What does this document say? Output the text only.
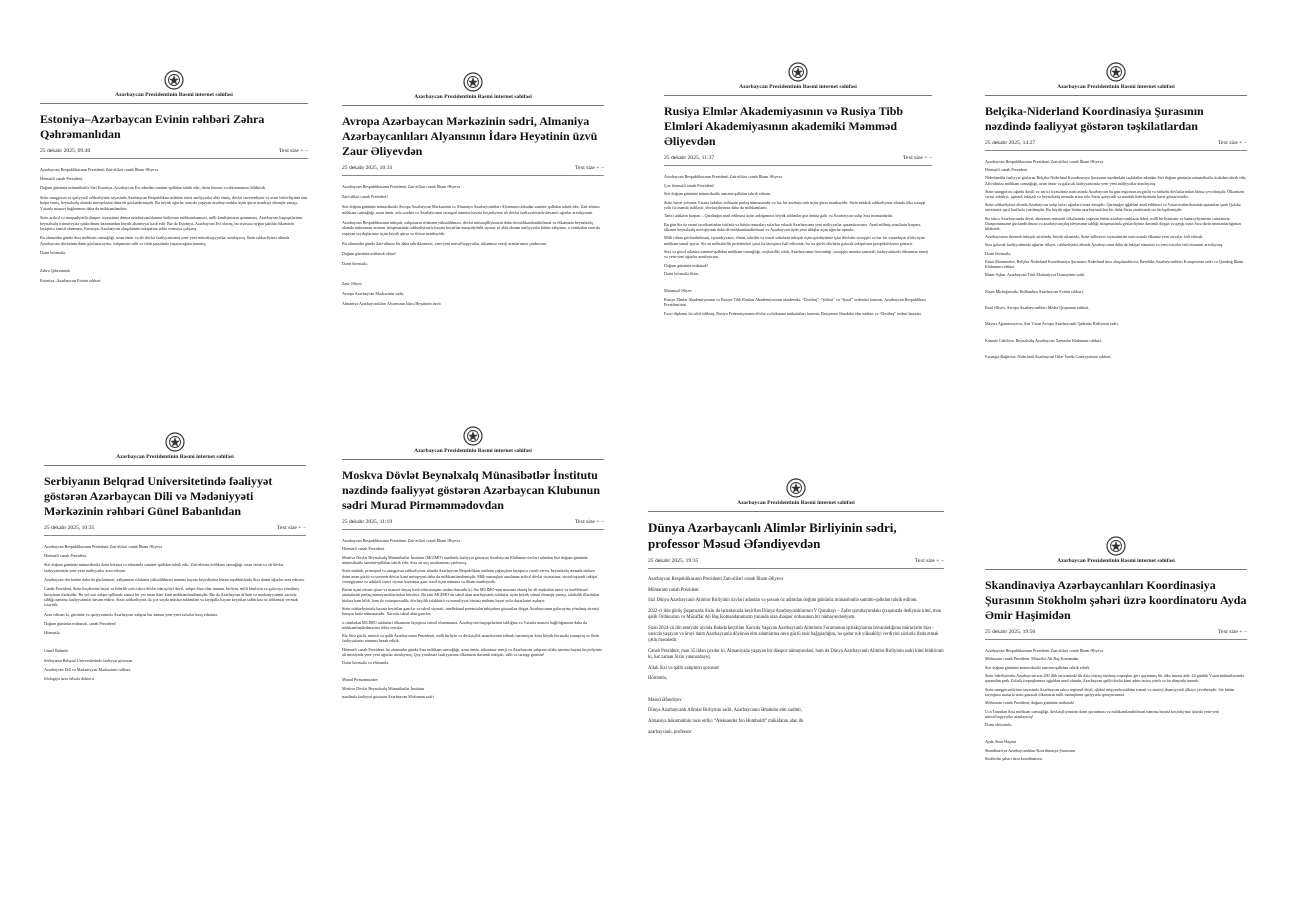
Azərbaycan Prezidentinin Rəsmi internet səhifəsi
Estoniya–Azərbaycan Evinin rəhbəri Zəhra Qəhrəmanlıdan
25 dekabr 2025, 09:40	Text size + −

Azərbaycan Respublikasının Prezidenti Zati-aliləri cənab İlham Əliyevə

Hörmətli cənab Prezident.

Doğum gününüz münasibətilə Sizi Estoniya–Azərbaycan Evi adından səmimi-qəlbdən təbrik edir, dərin hörmət və ehtiramımızı bildiririk.

Sizin uzaqgörən və qətiyyətli rəhbərliyiniz sayəsində Azərbaycan Respublikası mühüm tarixi nailiyyətlər əldə etmiş, dövlət suverenliyini və ərazi bütövlüyünü tam bərpa etmiş, beynəlxalq aləmdə mövqelərini daha da gücləndirmişdir. Bu böyük uğurlar xaricdə yaşayan azərbaycanlılar üçün qürur mənbəyi olmaqla yanaşı, Vətənlə mənəvi bağlarımızı daha da möhkəmləndirir.

Sizin ardıcıl və məqsədyönlü diaspor siyasətiniz dünya azərbaycanlılarının birliyinin möhkəmlənməsi, milli kimliyimizin qorunması, Azərbaycan həqiqətlərinin beynəlxalq ictimaiyyətə çatdırılması baxımından böyük əhəmiyyət kəsb edir. Biz də Estoniya–Azərbaycan Evi olaraq, bu siyasətə uyğun şəkildə ölkəmizin layiqincə təmsil olunması, Estoniya–Azərbaycan əlaqələrinin inkişafına töhfə verməyə çalışırıq.

Bu əlamətdar gündə Sizə möhkəm cansağlığı, uzun ömür və ali dövlət fəaliyyətinizdə yeni-yeni müvəffəqiyyətlər arzulayırıq. Sizin rəhbərliyiniz altında Azərbaycan dövlətinin daim güclənəcəyinə, xalqımızın sülh və rifah şəraitində yaşayacağına inanırıq.

Dərin hörmətlə,

Zəhra Qəhrəmanlı

Estoniya–Azərbaycan Evinin rəhbəri

Azərbaycan Prezidentinin Rəsmi internet səhifəsi
Avropa Azərbaycan Mərkəzinin sədri, Almaniya Azərbaycanlıları Alyansının İdarə Heyətinin üzvü Zaur Əliyevdən
25 dekabr 2025, 10:33	Text size + −

Azərbaycan Respublikasının Prezidenti Zati-aliləri cənab İlham Əliyevə

Zati-aliləri cənab Prezident!

Sizi doğum gününüz münasibətilə Avropa Azərbaycan Mərkəzinin və Almaniya Azərbaycanlıları Alyansının adından səmimi-qəlbdən təbrik edir, Zati-alinizə möhkəm cansağlığı, uzun ömür, ailə səadəti və Azərbaycanın tərəqqisi naminə həyata keçirdiyiniz ali dövlət fəaliyyətinizdə davamlı uğurlar arzulayıram.

Azərbaycan Respublikasının inkişafı, xalqımızın rifahının yüksəldilməsi, dövlət müstəqilliyimizin daha da möhkəmləndirilməsi və ölkəmizin beynəlxalq aləmdə nüfuzunun artması istiqamətində rəhbərliyinizlə həyata keçirilən məqsədyönlü siyasət və əldə olunan nailiyyətlər bütün xalqımız, o cümlədən xaricdə yaşayan soydaşlarımız üçün böyük qürur və iftixar mənbəyidir.

Bu əlamətdar gündə Zati-alinizə bir daha təbriklərimizi, yeni-yeni müvəffəqiyyətlər, tükənməz enerji arzularımızı çatdırıram.

Doğum gününüz mübarək olsun!

Dərin hörmətlə,

Zaur Əliyev

Avropa Azərbaycan Mərkəzinin sədri,

Almaniya Azərbaycanlıları Alyansının İdarə Heyətinin üzvü

Azərbaycan Prezidentinin Rəsmi internet səhifəsi
Rusiya Elmlər Akademiyasının və Rusiya Tibb Elmləri Akademiyasının akademiki Məmməd Əliyevdən
25 dekabr 2025, 11:37	Text size + −

Azərbaycan Respublikasının Prezidenti Zati-aliləri cənab İlham Əliyevə

Çox hörmətli cənab Prezident!

Sizi doğum gününüz münasibətilə səmimi-qəlbdən təbrik edirəm.

Sizin həyat yolunuz Vətənə fədakar xidmətin parlaq nümunəsidir və hər bir azərbaycanlı üçün qürur mənbəyidir. Sizin müdrik rəhbərliyiniz altında ölkə tərəqqi yolu ilə inamla irəliləyir, dövlətçiliyimiz daha da möhkəmlənir.

Tarixi ədalətin bərpası – Qarabağın azad edilməsi üçün ərdoğanınız böyük addımlar göz önünə gəlir və Azərbaycan xalqı Sizə minnətdardır.

Bu gün Siz öz rəsmi təcrübənizdən istifadə və bütün resursları səfərbər edərək Azərbaycana yeni nailiyyətlər qazandırırsınız. Azad edilmiş ərazilərin bərpası, ölkənin beynəlxalq mövqeyinin daha da möhkəmləndirilməsi və Azərbaycan üçün yeni üfüqlər açan uğurlar aparılır.

Milli ruhun gücləndirilməsi, iqtisadiyyatın, elmin, təhsilin və sosial sahələrin inkişafı üçün gördüyünüz işlər dövlətin tərəqqisi və hər bir vətəndaşın rifahı üçün möhkəm təməl qoyur. Siz ən möhtəkirlik problemləri şərəf ilə layiqincə həll edirsiniz, bu isə güclü dövlətin gələcək inkişafının perspektivlərini göstərir.

Sizə və gözəl ailənizə səmimi-qəlbdən möhkəm cansağlığı, xoşbəxtlik, rifah, Azərbaycanın firavanlığı, tərəqqisi naminə səmərəli fəaliyyətinizdə tükənməz enerji və yeni-yeni uğurlar arzulayıram.

Doğum gününüz mübarək!

Dərin hörmətlə Sizin,

Məmməd Əliyev

Rusiya Elmlər Akademiyasının və Rusiya Tibb Elmləri Akademiyasının akademiki, “Dostluq”, “Şöhrət” və “Şərəf” ordenləri laureatı, Azərbaycan Respublikası Prezidentinin

Fəxri diplomu ilə təltif edilmiş, Rusiya Federasiyasının dövlət və hökumət mükafatları laureatı, Rusiyanın Əməkdar elm xadimi və “Dostluq” ordeni laureatı.

Azərbaycan Prezidentinin Rəsmi internet səhifəsi
Belçika-Niderland Koordinasiya Şurasının nəzdində fəaliyyət göstərən təşkilatlardan
25 dekabr 2025, 14:27	Text size + −

Azərbaycan Respublikasının Prezidenti Zati-aliləri cənab İlham Əliyevə

Hörmətli cənab Prezident.

Niderlandda fəaliyyət göstərən Belçika-Niderland Koordinasiya Şurasının nəzdindəki təşkilatlar adından Sizi doğum gününüz münasibətilə ürəkdən təbrik edir, Zati-alinizə möhkəm cansağlığı, uzun ömür və gələcək fəaliyyətinizdə yeni-yeni nailiyyətlər arzulayırıq.

Sizin uzaqgörən, uğurlu daxili və xarici siyasətiniz nəticəsində Azərbaycan bu gün regionun ən güclü və nüfuzlu dövlətlərindən birinə çevrilmişdir. Ölkəmizin siyasi sabitliyi, iqtisadi inkişafı və beynəlxalq arenada artan rolu Sizin qətiyyətli və müdrik liderliyinizin bariz göstəricisidir.

Sizin rəhbərliyiniz altında Azərbaycan xalqı tarixi uğurlara imza atmışdır. Qarabağın işğaldan azad edilməsi və Vətən müharibəsində qazanılan şanlı Qələbə tariximize qızıl hərflərlə yazılmışdır. Bu böyük uğur bütün azərbaycanlıları bir daha Sizin ətrafınızda sıx birləşdirmişdir.

Siz təkcə Azərbaycanda deyil, dünyanın müxtəlif ölkələrində yaşayan bütün azərbaycanlıların lideri, milli birliyimizin və həmrəyliyimizin rəmzisiniz. Diasporumuzun gücləndirilməsi və azərbaycançılıq ideyasının təbliği istiqamətində göstərdiyiniz davamlı diqqət və qayğı üçün Sizə dərin minnətdarlığımızı bildiririk.

Azərbaycanın davamlı inkişafı ətrafında, böyük ailənizdə, Sizin sülhsevər siyasətinizin nəticəsində ölkəmiz yeni zirvələr fəth edəcək.

Sizə gələcək fəaliyyətinizdə uğurlar diləyir, rəhbərliyiniz altında Azərbaycanın daha da inkişaf etməsini və yeni zirvələr fəth etməsini arzulayırıq.

Dərin hörmətlə,

Elnur Məmmədov, Belçika-Niderland Koordinasiya Şurasının Niderland üzrə əlaqələndiricisi, Benilüks Azərbaycanlıları Konqresinin sədri və Qarabağ İlham Klubunun rəhbəri,

İlham Aşkın, Azərbaycan Türk Mədəniyyət Dərnəyinin sədri,

Elxan Mirbağırzadə, Hollandiya Azərbaycan Evinin rəhbəri,

Emil Əliyev, Avropa Azərbaycanlıları Media Qrupunun rəhbəri,

Mayisə Ağamirzəyeva, Ana Vətən Avropa Azərbaycanlı Qadınlar Birliyinin sədri,

Kamalə Cəbilova, Beynəlxalq Azərbaycan Xanımlar Klubunun rəhbəri,

Fərəngiz Bağirova, Niderland Azərbaycan Otlar Yurdu Cəmiyyətinin rəhbəri.

Azərbaycan Prezidentinin Rəsmi internet səhifəsi
Serbiyanın Belqrad Universitetində fəaliyyət göstərən Azərbaycan Dili və Mədəniyyəti Mərkəzinin rəhbəri Günel Babanlıdan
25 dekabr 2025, 10:35	Text size + −

Azərbaycan Respublikasının Prezidenti Zati-aliləri cənab İlham Əliyevə

Hörmətli cənab Prezident.

Sizi doğum gününüz münasibətilə dərin hörmət və ehtiramla səmimi-qəlbdən təbrik edir, Zati-alinizə möhkəm cansağlığı, uzun ömür və ali dövlət fəaliyyətinizdə yeni-yeni nailiyyətlər arzu edirəm.

Azərbaycan dövlətinin daha da güclənməsi, xalqımızın rifahının yüksəldilməsi naminə həyata keçirdiyiniz bütün təşəbbüslərdə Sizə daimi uğurlar arzu edirəm.

Cənab Prezident, Sizin keçdiyiniz həyat və liderlik yolu təkcə dövlət idarəçiliyi deyil, xalqın Sizə olan inamın, birliyin, milli kimliyin və gələcəyə yönəlmiş baxışların ifadəsidir. Bu yol sizi xalqın qəlbində xüsusi bir yer tutan lider kimi möhkəmləndirmişdir. Biz də Azərbaycan dilinin və mədəniyyətinin xaricdə təbliği naminə fəaliyyətimizi davam etdirir, Sizin rəhbərliyiniz ilə çox sayda müsbət addımlara və layiqəllə həyata keçirilən tədbirlərə öz töhfəmizi vermək istəyirik.

Arzu edirəm ki, gücünüz və qətiyyətinizlə Azərbaycan xalqına hər zaman yeni-yeni zəfərlər bəxş edəsiniz.

Doğum gününüz mübarək, cənab Prezident!

Hörmətlə,

Günel Babanlı

Serbiyanın Belqrad Universitetində fəaliyyət göstərən

Azərbaycan Dili və Mədəniyyəti Mərkəzinin rəhbəri,

filologiya üzrə fəlsəfə doktoru

Azərbaycan Prezidentinin Rəsmi internet səhifəsi
Moskva Dövlət Beynəlxalq Münasibətlər İnstitutu nəzdində fəaliyyət göstərən Azərbaycan Klubunun sədri Murad Pirməmmədovdan
25 dekabr 2025, 11:19	Text size + −

Azərbaycan Respublikasının Prezidenti Zati-aliləri cənab İlham Əliyevə

Hörmətli cənab Prezident.

Moskva Dövlət Beynəlxalq Münasibətlər İnstitutu (MGİMO) nəzdində fəaliyyət göstərən Azərbaycan Klubunun üzvləri adından Sizi doğum gününüz münasibətilə səmimi-qəlbdən təbrik edir, Sizə ən xoş arzularımızı çatdırırıq.

Sizin müdrik, prinsipial və uzaqgörən rəhbərliyiniz altında Azərbaycan Respublikası mühüm çağırışlara layiqincə cavab veren, beynəlxalq arenada nüfuzu daim artan güclü və suveren dövlət kimi mövqeyini daha da möhkəmləndirmişdir. Milli maraqlara əsaslanan ardıcıl dövlət siyasətiniz, sosial-iqtisadi inkişaf strategiyanız və ədalətli xarici siyasət kursunuz gənc nəsil üçün nümunə və ilham mənbəyidir.

Bizim üçün xüsusi qürur və mənəvi dayaq kəsb edən məqam ondan ibarətdir ki, Siz MGİMO-nun məzunu olaraq bu ali məktəbin tarixi və intellektual ənənələrini parlaq nümayəndələrindən birisiniz. Bu fakt MGİMO-da təhsil alan azərbaycanlı tələbələr üçün böyük stimul olmaqla yanaşı, tələbəlik illərindən bizlərə həm bilik, həm də vətənpərvərlik, dövlətçilik təfəkkürü və məsuliyyət hissinə mühüm həyat yolu dəyərlərini aşılayır.

Sizin rəhbərliyinizlə həyata keçirilən gənclər və təhsil siyasəti, intellektual potensialın inkişafına göstərilən diqqət Azərbaycanın gələcəyinə yönəlmiş strateji baxışın bariz nümunəsidir. Xaricdə təhsil alan gənclər,

o cümlədən MGİMO tələbələri ölkəmizin layiqincə təmsil olunmasına, Azərbaycan həqiqətlərinin təbliğinə və Vətənlə mənəvi bağlılığımızın daha da möhkəmləndirilməsinə töhfə verirlər.

Biz Sizə güclü, müasir və qalib Azərbaycanın Prezidenti, milli birliyin və dövlətçilik ənənələrinin etibarlı təminatçısı kimi böyük hörmətlə yanaşırıq və Sizin fəaliyyətinizi nümunə hesab edirik.

Hörmətli cənab Prezident, bu əlamətdar gündə Sizə möhkəm cansağlığı, uzun ömür, tükənməz enerji və Azərbaycan xalqının rifahı naminə həyata keçirdiyiniz ali missiyada yeni-yeni uğurlar arzulayırıq. Qoy yorulmaz fəaliyyətiniz ölkəmizin davamlı inkişafı, sülh və tərəqqi gətirsin!

Dərin hörmətlə və ehtiramla,

Murad Pirməmmədov

Moskva Dövlət Beynəlxalq Münasibətlər İnstitutu

nəzdində fəaliyyət göstərən Azərbaycan Klubunun sədri

Azərbaycan Prezidentinin Rəsmi internet səhifəsi
Dünya Azərbaycanlı Alimlər Birliyinin sədri, professor Məsud Əfəndiyevdən
25 dekabr 2025, 19:35	Text size + −

Azərbaycan Respublikasının Prezidenti Zati-aliləri cənab İlham Əliyevə

Möhtərəm cənab Prezident.

Sizi Dünya Azərbaycanlı Alimlər Birliyinin üzvləri adından və şəxsən öz adımdan doğum gününüz münasibətilə səmimi-qəlbdən təbrik edirəm.

2022-ci ildə görüş Şuşamızda Sizin də iştirakınızla keçirilən Dünya Azərbaycanlılarının V Qurultayı – Zəfər qurultayımdakı çıxışınızda dediyiniz kimi, mən qalib Ordunuzun və Müzəffər Ali Baş Komandanımızın yanında olan diaspor ordusunun bir nümayəndəsiyəm.

Sizin 2024-cü ilin sentyabr ayında Bakıda keçirilən Xaricdə Yaşayan Azərbaycanlı Alimlərin Forumunun iştirakçılarına ünvanladığınız müraciətin bizə - xaricdə yaşayan və ürəyi daim Azərbaycanla döyünən elm adamlarına necə güclü təsir bağışladığını, nə qədər ruh yüksəkliyi verdiyini sözlərlə ifadə etmək çətin məsələdir.

Cənab Prezident, mən 35 ildən çoxdur ki, Almaniyada yaşayan bir diaspor nümayəndəsi, həm də Dünya Azərbaycanlı Alimlər Birliyinin sədri kimi bildirirəm ki, hər zaman Sizin yanınızdayıq.

Allah Sizi və qalib xalqımızı qorusun!

Hörmətlə,

Məsud Əfəndiyev

Dünya Azərbaycanlı Alimlər Birliyinin sədri, Azərbaycanın Əməkdar elm xadimi,

Almaniya hökumətinin təsis etdiyi “Aleksander fon Humboldt” mükafatını alan ilk

azərbaycanlı, professor

Azərbaycan Prezidentinin Rəsmi internet səhifəsi
Skandinaviya Azərbaycanlıları Koordinasiya Şurasının Stokholm şəhəri üzrə koordinatoru Ayda Əmir Haşimidən
25 dekabr 2025, 19:50	Text size + −

Azərbaycan Respublikasının Prezidenti Zati-aliləri cənab İlham Əliyevə

Möhtərəm cənab Prezident, Müzəffər Ali Baş Komandan.

Sizi doğum gününüz münasibətilə səmimi-qəlbdən təbrik edirik.

Sizin liderliyinizlə Azərbaycan son 200 illik tariximizdə ilk dəfə olaraq itirilmiş torpaqları geri qaytarmış bir ölkə imzası atdı. 44 günlük Vətən müharibəsində qazanılan şanlı Zəfərlə torpaqlarımız işğaldan azad olundu, Azərbaycan qalib dövlət kimi adını tarixə yazdı və bu dünyada tanındı.

Sizin uzaqgörənliyiniz sayəsində Azərbaycan təkcə regional deyil, qlobal miqyasda mühüm tranzit və strateji əhəmiyyətli ölkəyə çevrilmişdir. Siz bütün təryiqlərə əsasərlə sizin gənərək ölkəmizin milli maraqlarını qətiyyətlə qoruyursunuz.

Möhtərəm cənab Prezident, doğum gününüz mübarək!

Uca Tanrıdan Sizə möhkəm cansağlığı, dövlətçiliyimizin daim qorunması və möhkəmləndirilməsi naminə həyata keçirdiyiniz işlərdə yeni-yeni müvəffəqiyyətlər arzulayırıq!

Dərin ehtiramla,

Ayda Əmir Haşimi

Skandinaviya Azərbaycanlıları Koordinasiya Şurasının

Stokholm şəhəri üzrə koordinatoru
